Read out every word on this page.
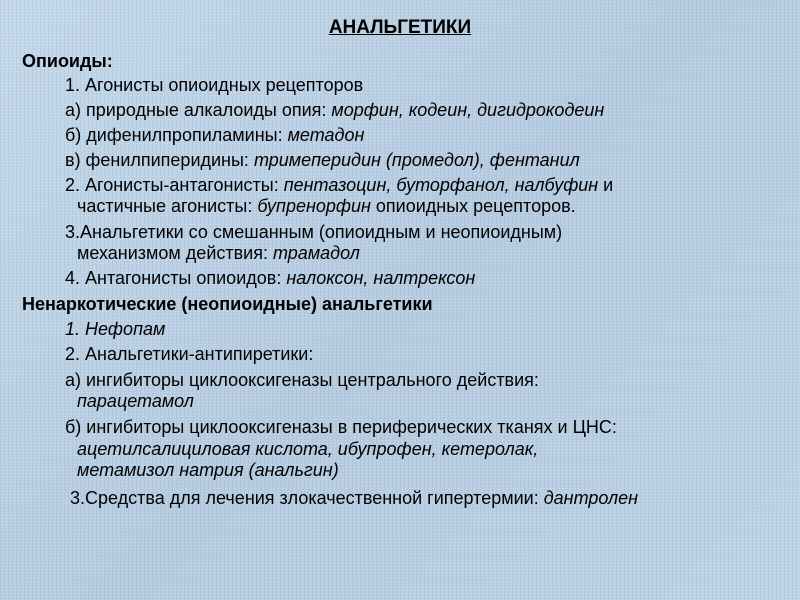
АНАЛЬГЕТИКИ
Опиоиды:
1. Агонисты опиоидных рецепторов
а) природные алкалоиды опия: морфин, кодеин, дигидрокодеин
б) дифенилпропиламины: метадон
в) фенилпиперидины: тримеперидин (промедол), фентанил
2. Агонисты-антагонисты: пентазоцин, буторфанол, налбуфин и
частичные агонисты: бупренорфин опиоидных рецепторов.
3.Анальгетики со смешанным (опиоидным и неопиоидным)
механизмом действия: трамадол
4. Антагонисты опиоидов: налоксон, налтрексон
Ненаркотические (неопиоидные) анальгетики
1. Нефопам
2. Анальгетики-антипиретики:
а) ингибиторы циклооксигеназы центрального действия:
парацетамол
б) ингибиторы циклооксигеназы в периферических тканях и ЦНС:
ацетилсалициловая кислота, ибупрофен, кетеролак,
метамизол натрия (анальгин)
3.Средства для лечения злокачественной гипертермии: дантролен
